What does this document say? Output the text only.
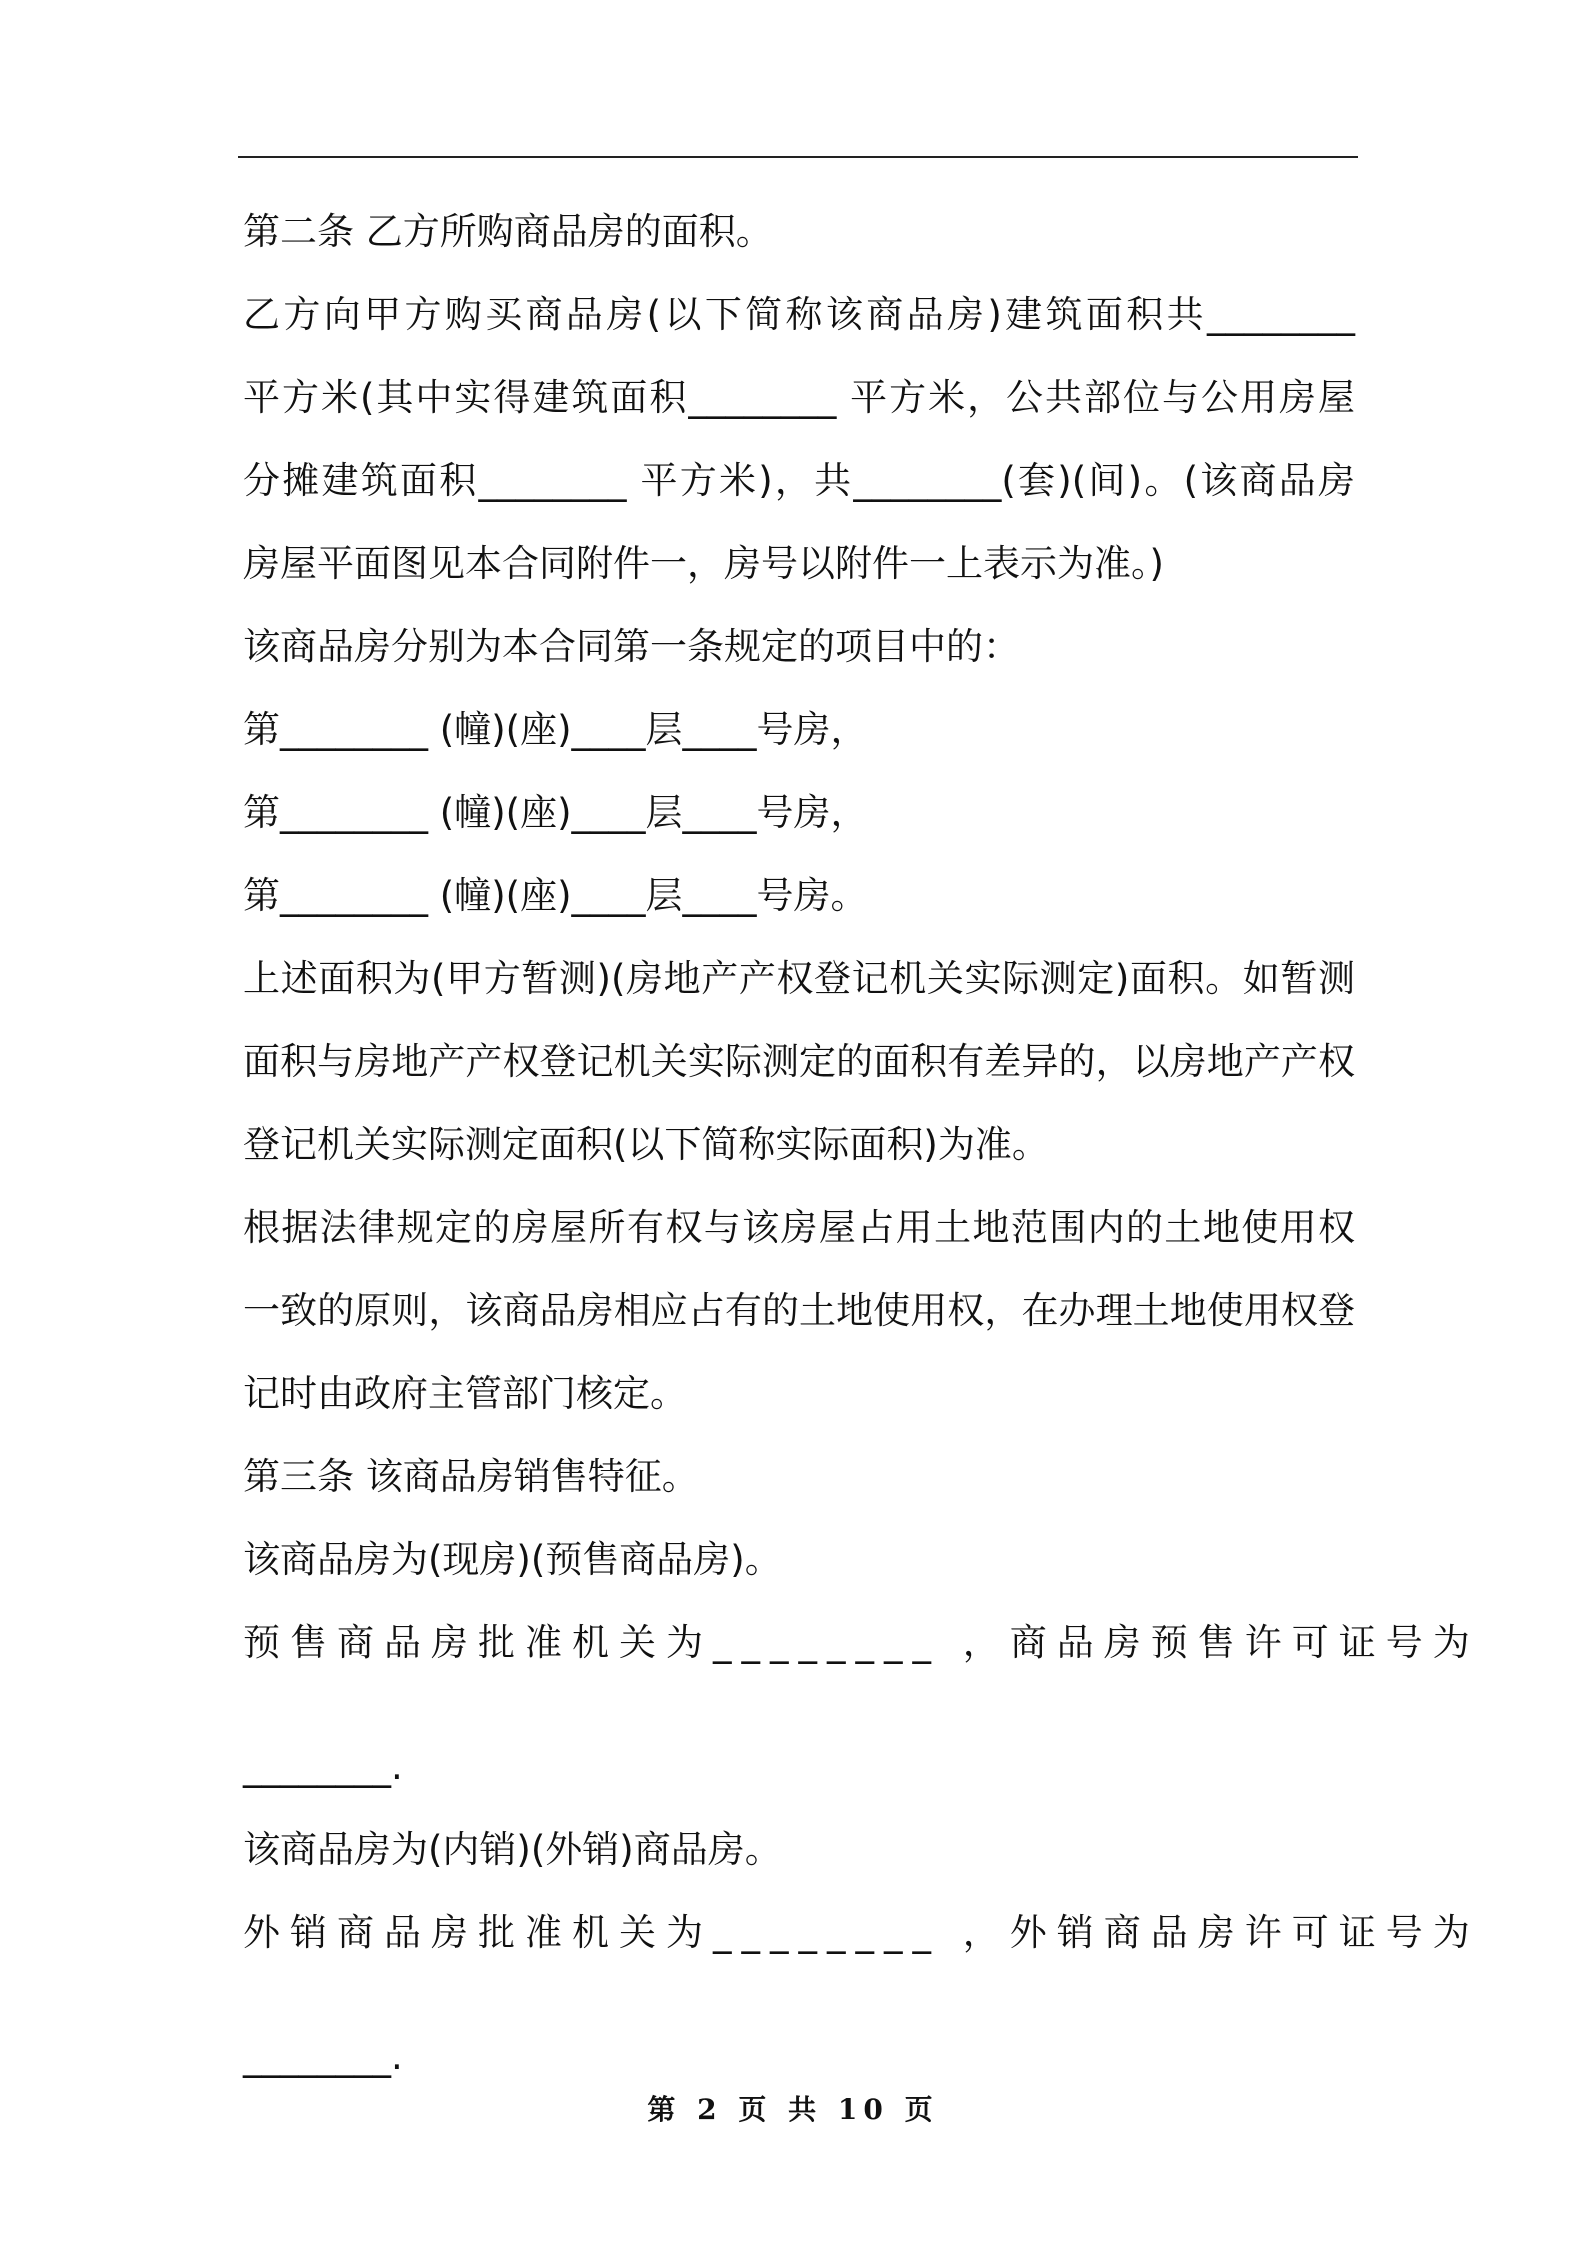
第二条 乙方所购商品房的面积。
乙方向甲方购买商品房(以下简称该商品房)建筑面积共________
平方米(其中实得建筑面积________ 平方米，公共部位与公用房屋
分摊建筑面积________ 平方米)，共________(套)(间)。(该商品房
房屋平面图见本合同附件一，房号以附件一上表示为准。)
该商品房分别为本合同第一条规定的项目中的：
第________ (幢)(座)____层____号房，
第________ (幢)(座)____层____号房，
第________ (幢)(座)____层____号房。
上述面积为(甲方暂测)(房地产产权登记机关实际测定)面积。如暂测
面积与房地产产权登记机关实际测定的面积有差异的，以房地产产权
登记机关实际测定面积(以下简称实际面积)为准。
根据法律规定的房屋所有权与该房屋占用土地范围内的土地使用权
一致的原则，该商品房相应占有的土地使用权，在办理土地使用权登
记时由政府主管部门核定。
第三条 该商品房销售特征。
该商品房为(现房)(预售商品房)。
预售商品房批准机关为________ ，商品房预售许可证号为
________.
该商品房为(内销)(外销)商品房。
外销商品房批准机关为________ ，外销商品房许可证号为
________.
第 2 页 共 10 页
